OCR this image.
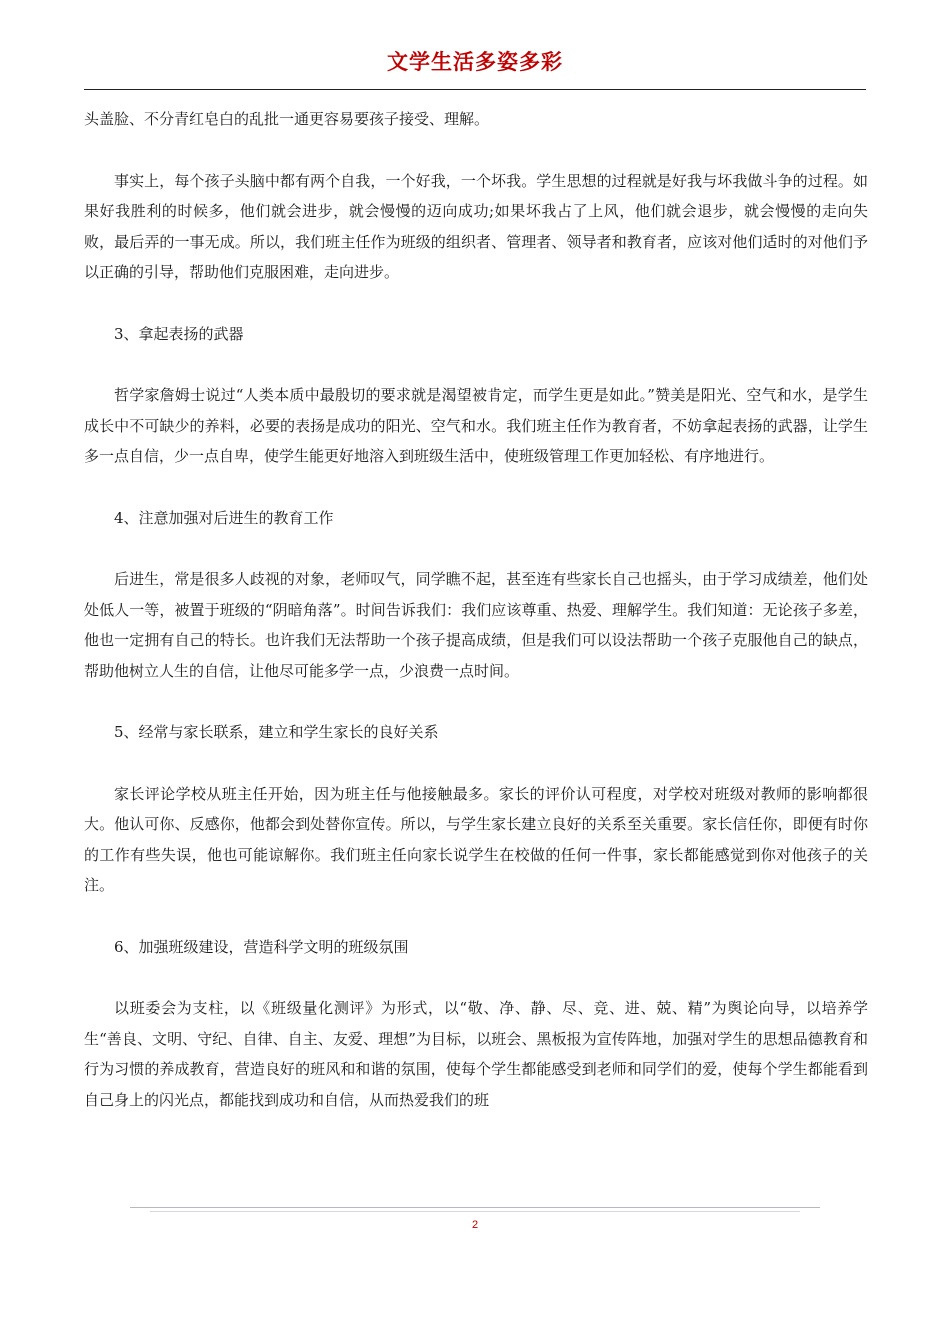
文学生活多姿多彩

头盖脸、不分青红皂白的乱批一通更容易要孩子接受、理解。

事实上，每个孩子头脑中都有两个自我，一个好我，一个坏我。学生思想的过程就是好我与坏我做斗争的过程。如果好我胜利的时候多，他们就会进步，就会慢慢的迈向成功;如果坏我占了上风，他们就会退步，就会慢慢的走向失败，最后弄的一事无成。所以，我们班主任作为班级的组织者、管理者、领导者和教育者，应该对他们适时的对他们予以正确的引导，帮助他们克服困难，走向进步。

3、拿起表扬的武器

哲学家詹姆士说过“人类本质中最殷切的要求就是渴望被肯定，而学生更是如此。”赞美是阳光、空气和水，是学生成长中不可缺少的养料，必要的表扬是成功的阳光、空气和水。我们班主任作为教育者，不妨拿起表扬的武器，让学生多一点自信，少一点自卑，使学生能更好地溶入到班级生活中，使班级管理工作更加轻松、有序地进行。

4、注意加强对后进生的教育工作

后进生，常是很多人歧视的对象，老师叹气，同学瞧不起，甚至连有些家长自己也摇头，由于学习成绩差，他们处处低人一等，被置于班级的“阴暗角落”。时间告诉我们：我们应该尊重、热爱、理解学生。我们知道：无论孩子多差，他也一定拥有自己的特长。也许我们无法帮助一个孩子提高成绩，但是我们可以设法帮助一个孩子克服他自己的缺点，帮助他树立人生的自信，让他尽可能多学一点，少浪费一点时间。

5、经常与家长联系，建立和学生家长的良好关系

家长评论学校从班主任开始，因为班主任与他接触最多。家长的评价认可程度，对学校对班级对教师的影响都很大。他认可你、反感你，他都会到处替你宣传。所以，与学生家长建立良好的关系至关重要。家长信任你，即便有时你的工作有些失误，他也可能谅解你。我们班主任向家长说学生在校做的任何一件事，家长都能感觉到你对他孩子的关注。

6、加强班级建设，营造科学文明的班级氛围

以班委会为支柱，以《班级量化测评》为形式，以“敬、净、静、尽、竞、进、兢、精”为舆论向导，以培养学生“善良、文明、守纪、自律、自主、友爱、理想”为目标，以班会、黑板报为宣传阵地，加强对学生的思想品德教育和行为习惯的养成教育，营造良好的班风和和谐的氛围，使每个学生都能感受到老师和同学们的爱，使每个学生都能看到自己身上的闪光点，都能找到成功和自信，从而热爱我们的班

2
